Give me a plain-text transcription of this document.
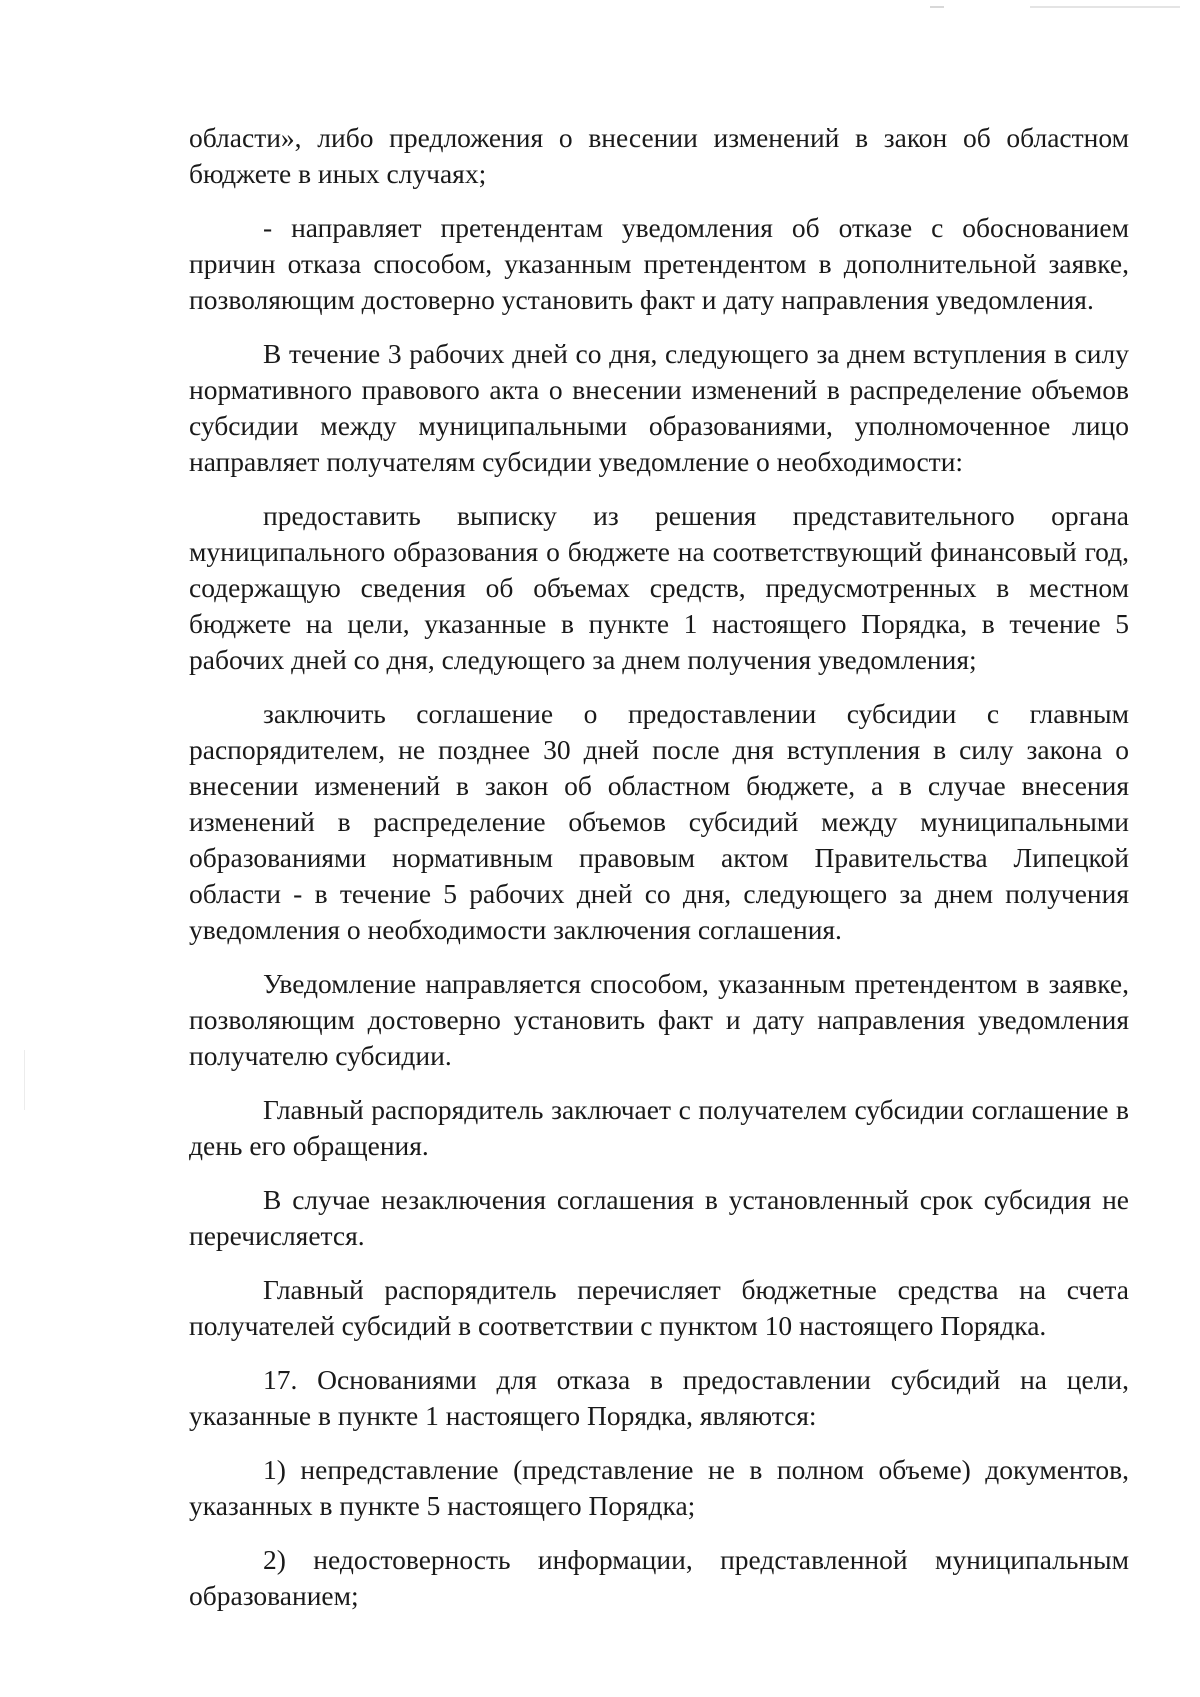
области», либо предложения о внесении изменений в закон об областном бюджете в иных случаях;

- направляет претендентам уведомления об отказе с обоснованием причин отказа способом, указанным претендентом в дополнительной заявке, позволяющим достоверно установить факт и дату направления уведомления.

В течение 3 рабочих дней со дня, следующего за днем вступления в силу нормативного правового акта о внесении изменений в распределение объемов субсидии между муниципальными образованиями, уполномоченное лицо направляет получателям субсидии уведомление о необходимости:

предоставить выписку из решения представительного органа муниципального образования о бюджете на соответствующий финансовый год, содержащую сведения об объемах средств, предусмотренных в местном бюджете на цели, указанные в пункте 1 настоящего Порядка, в течение 5 рабочих дней со дня, следующего за днем получения уведомления;

заключить соглашение о предоставлении субсидии с главным распорядителем, не позднее 30 дней после дня вступления в силу закона о внесении изменений в закон об областном бюджете, а в случае внесения изменений в распределение объемов субсидий между муниципальными образованиями нормативным правовым актом Правительства Липецкой области - в течение 5 рабочих дней со дня, следующего за днем получения уведомления о необходимости заключения соглашения.

Уведомление направляется способом, указанным претендентом в заявке, позволяющим достоверно установить факт и дату направления уведомления получателю субсидии.

Главный распорядитель заключает с получателем субсидии соглашение в день его обращения.

В случае незаключения соглашения в установленный срок субсидия не перечисляется.

Главный распорядитель перечисляет бюджетные средства на счета получателей субсидий в соответствии с пунктом 10 настоящего Порядка.

17. Основаниями для отказа в предоставлении субсидий на цели, указанные в пункте 1 настоящего Порядка, являются:

1) непредставление (представление не в полном объеме) документов, указанных в пункте 5 настоящего Порядка;

2) недостоверность информации, представленной муниципальным образованием;
